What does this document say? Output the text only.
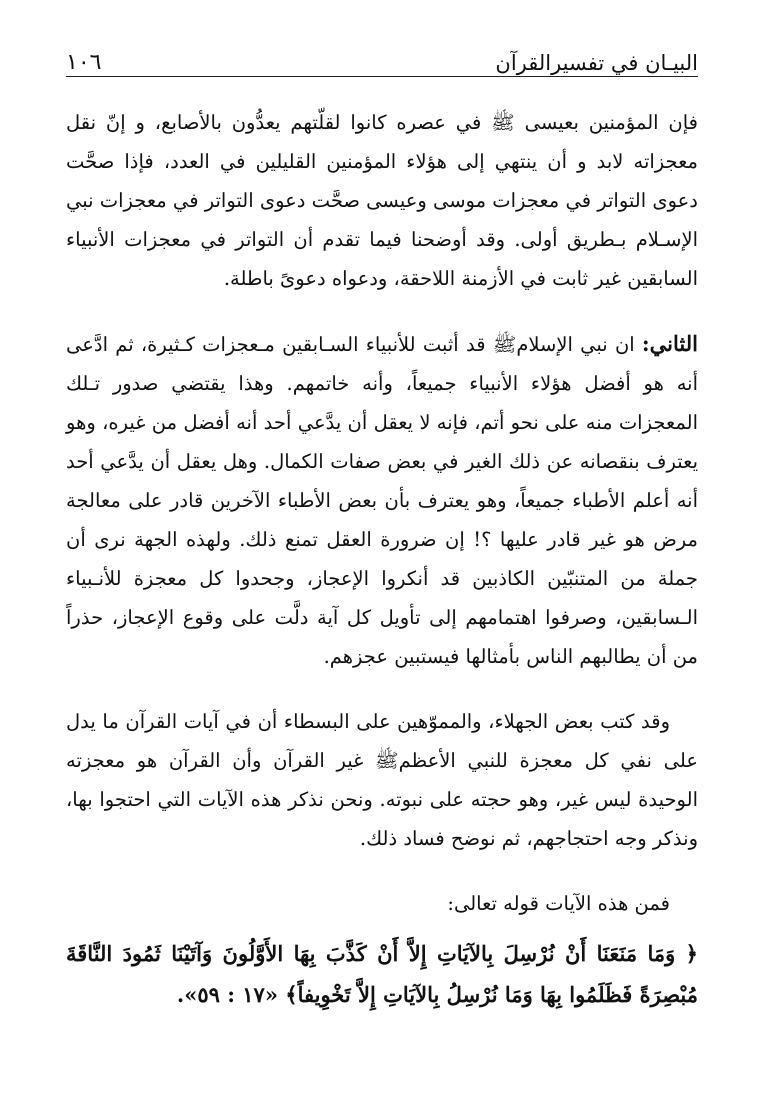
البيـان في تفسيرالقرآن
١٠٦

فإن المؤمنين بعيسى ﷺ في عصره كانوا لقلّتهم يعدُّون بالأصابع، و إنّ نقل معجزاته لابد و أن ينتهي إلى هؤلاء المؤمنين القليلين في العدد، فإذا صحَّت دعوى التواتر في معجزات موسى وعيسى صحَّت دعوى التواتر في معجزات نبي الإسـلام بـطريق أولى. وقد أوضحنا فيما تقدم أن التواتر في معجزات الأنبياء السابقين غير ثابت في الأزمنة اللاحقة، ودعواه دعوىً باطلة.

الثاني: ان نبي الإسلامﷺ قد أثبت للأنبياء السـابقين مـعجزات كـثيرة، ثم ادَّعى أنه هو أفضل هؤلاء الأنبياء جميعاً، وأنه خاتمهم. وهذا يقتضي صدور تـلك المعجزات منه على نحو أتم، فإنه لا يعقل أن يدَّعي أحد أنه أفضل من غيره، وهو يعترف بنقصانه عن ذلك الغير في بعض صفات الكمال. وهل يعقل أن يدَّعي أحد أنه أعلم الأطباء جميعاً، وهو يعترف بأن بعض الأطباء الآخرين قادر على معالجة مرض هو غير قادر عليها ؟! إن ضرورة العقل تمنع ذلك. ولهذه الجهة نرى أن جملة من المتنبّين الكاذبين قد أنكروا الإعجاز، وجحدوا كل معجزة للأنـبياء الـسابقين، وصرفوا اهتمامهم إلى تأويل كل آية دلَّت على وقوع الإعجاز، حذراً من أن يطالبهم الناس بأمثالها فيستبين عجزهم.

وقد كتب بعض الجهلاء، والمموّهين على البسطاء أن في آيات القرآن ما يدل على نفي كل معجزة للنبي الأعظمﷺ غير القرآن وأن القرآن هو معجزته الوحيدة ليس غير، وهو حجته على نبوته. ونحن نذكر هذه الآيات التي احتجوا بها، ونذكر وجه احتجاجهم، ثم نوضح فساد ذلك.

فمن هذه الآيات قوله تعالى:

﴿ وَمَا مَنَعَنَا أَنْ نُرْسِلَ بِالآيَاتِ إِلاَّ أَنْ كَذَّبَ بِهَا الأَوَّلُونَ وَآتَيْنَا ثَمُودَ النَّاقَةَ مُبْصِرَةً فَظَلَمُوا بِهَا وَمَا نُرْسِلُ بِالآيَاتِ إِلاَّ تَخْوِيفاً﴾ «١٧ : ٥٩».
